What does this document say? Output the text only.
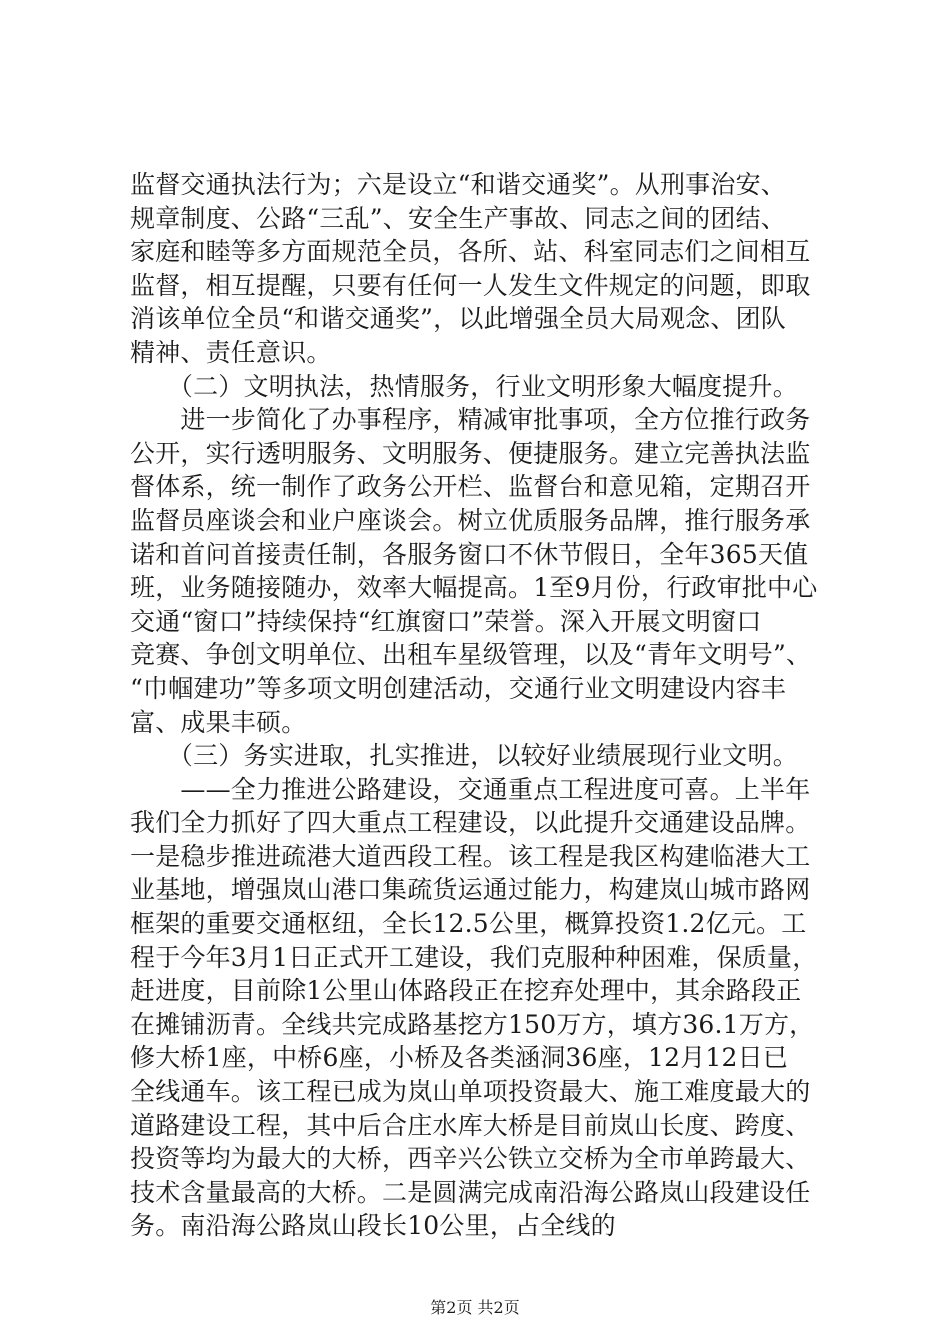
监督交通执法行为；六是设立“和谐交通奖”。从刑事治安、
规章制度、公路“三乱”、安全生产事故、同志之间的团结、
家庭和睦等多方面规范全员，各所、站、科室同志们之间相互
监督，相互提醒，只要有任何一人发生文件规定的问题，即取
消该单位全员“和谐交通奖”，以此增强全员大局观念、团队
精神、责任意识。
　　（二）文明执法，热情服务，行业文明形象大幅度提升。
　　进一步简化了办事程序，精减审批事项，全方位推行政务
公开，实行透明服务、文明服务、便捷服务。建立完善执法监
督体系，统一制作了政务公开栏、监督台和意见箱，定期召开
监督员座谈会和业户座谈会。树立优质服务品牌，推行服务承
诺和首问首接责任制，各服务窗口不休节假日，全年365天值
班，业务随接随办，效率大幅提高。1至9月份，行政审批中心
交通“窗口”持续保持“红旗窗口”荣誉。深入开展文明窗口
竞赛、争创文明单位、出租车星级管理，以及“青年文明号”、
“巾帼建功”等多项文明创建活动，交通行业文明建设内容丰
富、成果丰硕。
　　（三）务实进取，扎实推进，以较好业绩展现行业文明。
　　——全力推进公路建设，交通重点工程进度可喜。上半年
我们全力抓好了四大重点工程建设，以此提升交通建设品牌。
一是稳步推进疏港大道西段工程。该工程是我区构建临港大工
业基地，增强岚山港口集疏货运通过能力，构建岚山城市路网
框架的重要交通枢纽，全长12.5公里，概算投资1.2亿元。工
程于今年3月1日正式开工建设，我们克服种种困难，保质量，
赶进度，目前除1公里山体路段正在挖弃处理中，其余路段正
在摊铺沥青。全线共完成路基挖方150万方，填方36.1万方，
修大桥1座，中桥6座，小桥及各类涵洞36座，12月12日已
全线通车。该工程已成为岚山单项投资最大、施工难度最大的
道路建设工程，其中后合庄水库大桥是目前岚山长度、跨度、
投资等均为最大的大桥，西辛兴公铁立交桥为全市单跨最大、
技术含量最高的大桥。二是圆满完成南沿海公路岚山段建设任
务。南沿海公路岚山段长10公里，占全线的
第2页 共2页
